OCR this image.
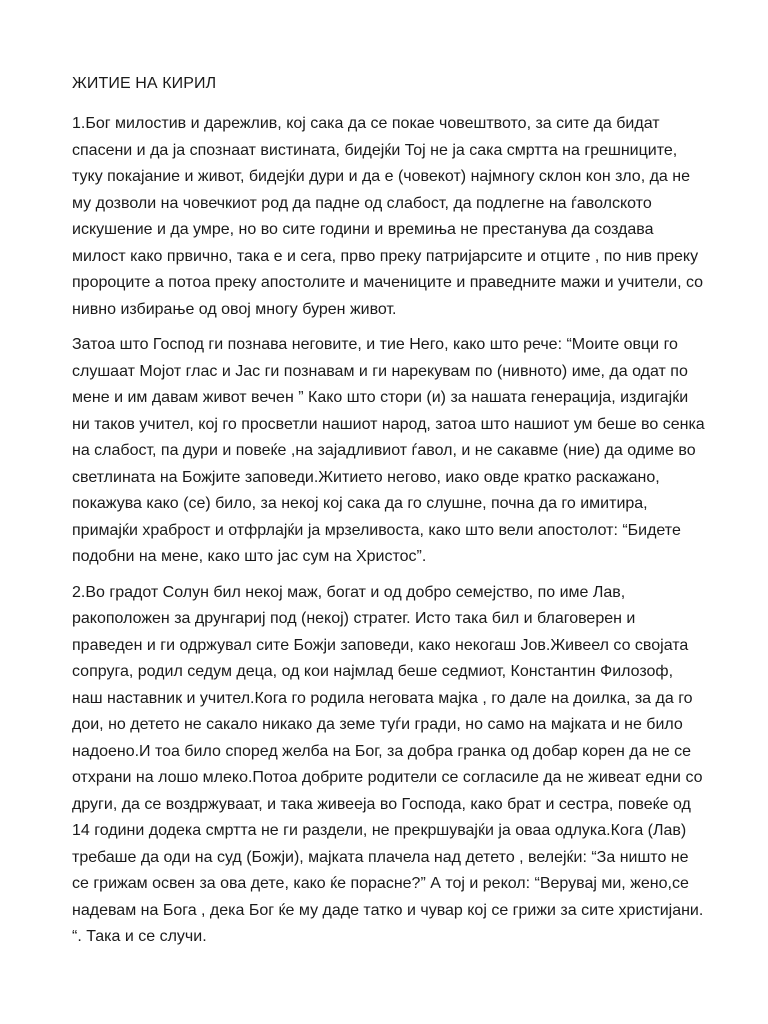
ЖИТИЕ НА КИРИЛ

1.Бог милостив и дарежлив, кој сака да се покае човештвото, за сите да бидат спасени и да ја спознаат вистината, бидејќи Тој не ја сака смртта на грешниците, туку покајание и живот, бидејќи дури и да е (човекот) најмногу склон кон зло, да не му дозволи на човечкиот род да падне од слабост, да подлегне на ѓаволското искушение и да умре, но во сите години и времиња не престанува да создава милост како првично, така е и сега, прво преку патријарсите и отците , по нив преку пророците а потоа преку апостолите и мачениците и праведните мажи и учители, со нивно избирање од овој многу бурен живот.

Затоа што Господ ги познава неговите, и тие Него, како што рече: “Моите овци го слушаат Мојот глас и Јас ги познавам и ги нарекувам по (нивното) име, да одат по мене и им давам живот вечен ” Како што стори (и) за нашата генерација, издигајќи ни таков учител, кој го просветли нашиот народ, затоа што нашиот ум беше во сенка на слабост, па дури и повеќе ,на зајадливиот ѓавол, и не сакавме (ние) да одиме во светлината на Божјите заповеди.Житието негово, иако овде кратко раскажано, покажува како (се) било, за некој кој сака да го слушне, почна да го имитира, примајќи храброст и отфрлајќи ја мрзеливоста, како што вели апостолот: “Бидете подобни на мене, како што јас сум на Христос”.

2.Во градот Солун бил некој маж, богат и од добро семејство, по име Лав, ракоположен за друнгариј под (некој) стратег. Исто така бил и благоверен и праведен и ги одржувал сите Божји заповеди, како некогаш Јов.Живеел со својата сопруга, родил седум деца, од кои најмлад беше седмиот, Константин Филозоф, наш наставник и учител.Кога го родила неговата мајка , го дале на доилка, за да го дои, но детето не сакало никако да земе туѓи гради, но само на мајката и не било надоено.И тоа било според желба на Бог, за добра гранка од добар корен да не се отхрани на лошо млеко.Потоа добрите родители се согласиле да не живеат едни со други, да се воздржуваат, и така живееја во Господа, како брат и сестра, повеќе од 14 години додека смртта не ги раздели, не прекршувајќи ја оваа одлука.Кога (Лав) требаше да оди на суд (Божји), мајката плачела над детето , велејќи: “За ништо не се грижам освен за ова дете, како ќе порасне?” А тој и рекол: “Верувај ми, жено,се надевам на Бога , дека Бог ќе му даде татко и чувар кој се грижи за сите христијани. “. Така и се случи.
